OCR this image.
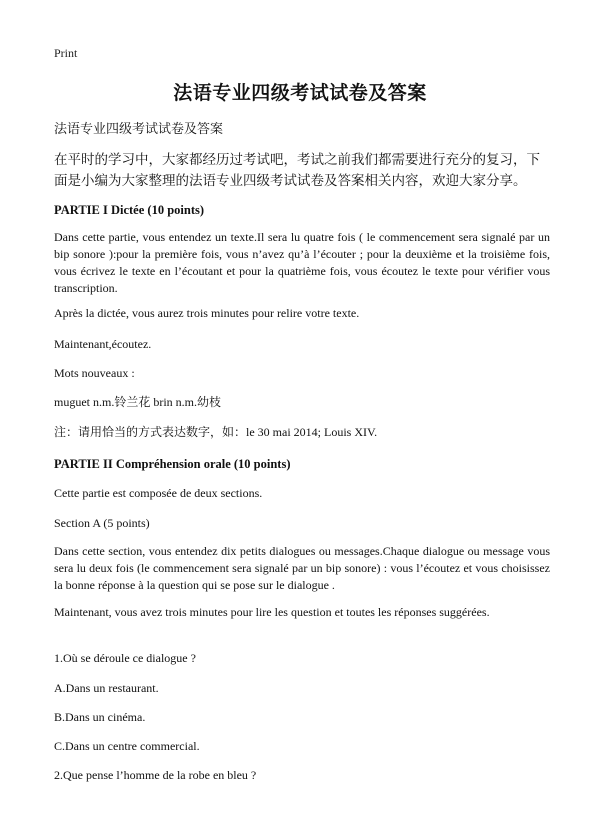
Print
法语专业四级考试试卷及答案
法语专业四级考试试卷及答案
在平时的学习中，大家都经历过考试吧，考试之前我们都需要进行充分的复习，下面是小编为大家整理的法语专业四级考试试卷及答案相关内容，欢迎大家分享。
PARTIE I Dictée (10 points)
Dans cette partie, vous entendez un texte.Il sera lu quatre fois ( le commencement sera signalé par un bip sonore ):pour la première fois, vous n’avez qu’à l’écouter ; pour la deuxième et la troisième fois, vous écrivez le texte en l’écoutant et pour la quatrième fois, vous écoutez le texte pour vérifier vous transcription.
Après la dictée, vous aurez trois minutes pour relire votre texte.
Maintenant,écoutez.
Mots nouveaux :
muguet n.m.铃兰花 brin n.m.幼枝
注：请用恰当的方式表达数字，如：le 30 mai 2014; Louis XIV.
PARTIE II Compréhension orale (10 points)
Cette partie est composée de deux sections.
Section A (5 points)
Dans cette section, vous entendez dix petits dialogues ou messages.Chaque dialogue ou message vous sera lu deux fois (le commencement sera signalé par un bip sonore) : vous l’écoutez et vous choisissez la bonne réponse à la question qui se pose sur le dialogue .
Maintenant, vous avez trois minutes pour lire les question et toutes les réponses suggérées.
1.Où se déroule ce dialogue ?
A.Dans un restaurant.
B.Dans un cinéma.
C.Dans un centre commercial.
2.Que pense l’homme de la robe en bleu ?
